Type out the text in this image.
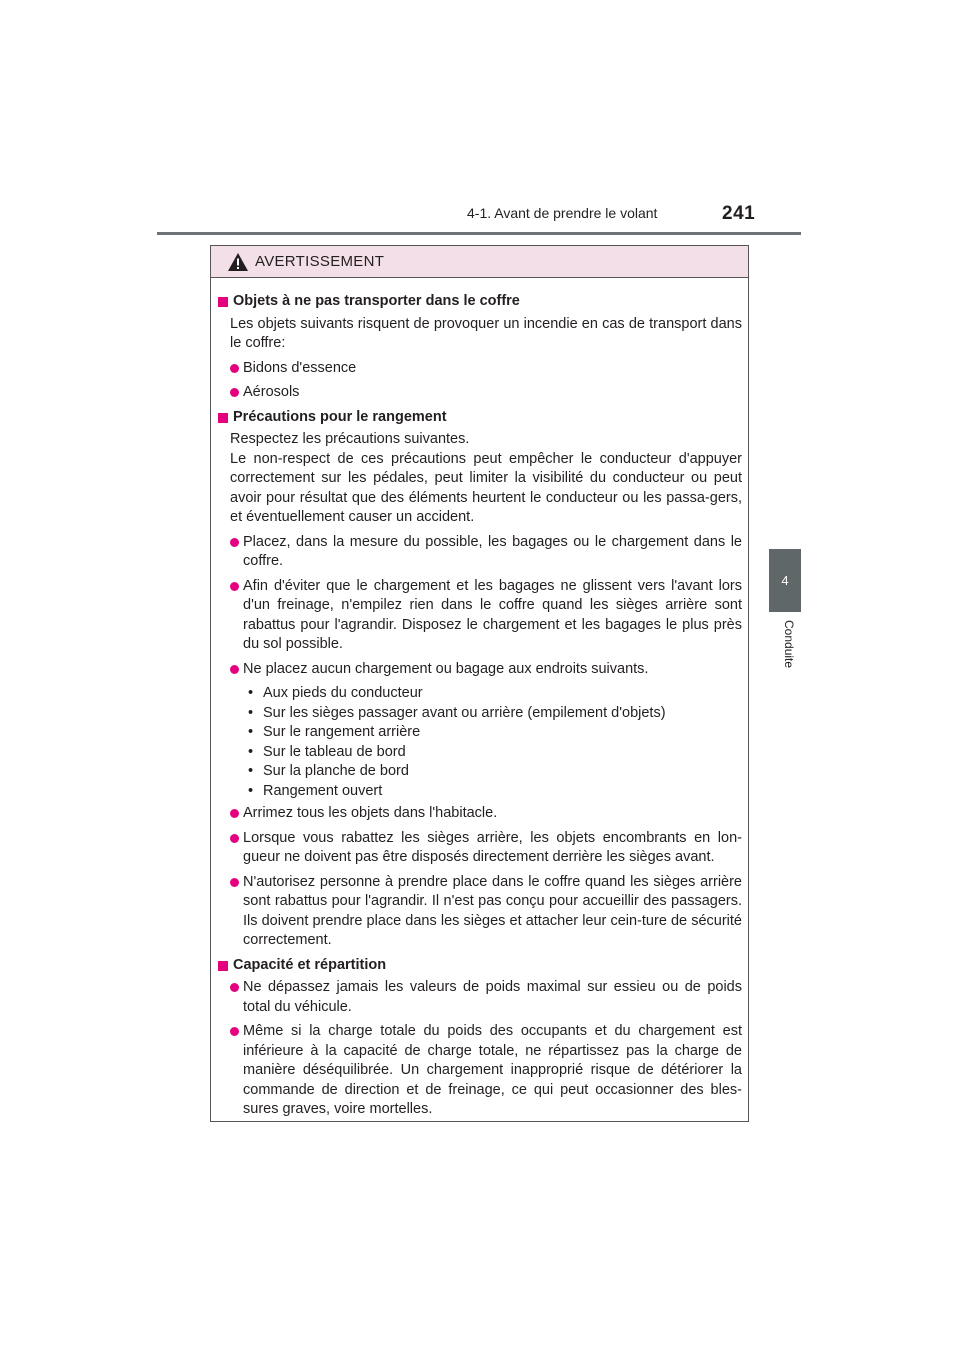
4-1. Avant de prendre le volant	241
4
Conduite
AVERTISSEMENT
Objets à ne pas transporter dans le coffre
Les objets suivants risquent de provoquer un incendie en cas de transport dans le coffre:
Bidons d'essence
Aérosols
Précautions pour le rangement
Respectez les précautions suivantes.
Le non-respect de ces précautions peut empêcher le conducteur d'appuyer correctement sur les pédales, peut limiter la visibilité du conducteur ou peut avoir pour résultat que des éléments heurtent le conducteur ou les passa-gers, et éventuellement causer un accident.
Placez, dans la mesure du possible, les bagages ou le chargement dans le coffre.
Afin d'éviter que le chargement et les bagages ne glissent vers l'avant lors d'un freinage, n'empilez rien dans le coffre quand les sièges arrière sont rabattus pour l'agrandir. Disposez le chargement et les bagages le plus près du sol possible.
Ne placez aucun chargement ou bagage aux endroits suivants.
• Aux pieds du conducteur
• Sur les sièges passager avant ou arrière (empilement d'objets)
• Sur le rangement arrière
• Sur le tableau de bord
• Sur la planche de bord
• Rangement ouvert
Arrimez tous les objets dans l'habitacle.
Lorsque vous rabattez les sièges arrière, les objets encombrants en lon-gueur ne doivent pas être disposés directement derrière les sièges avant.
N'autorisez personne à prendre place dans le coffre quand les sièges arrière sont rabattus pour l'agrandir. Il n'est pas conçu pour accueillir des passagers. Ils doivent prendre place dans les sièges et attacher leur cein-ture de sécurité correctement.
Capacité et répartition
Ne dépassez jamais les valeurs de poids maximal sur essieu ou de poids total du véhicule.
Même si la charge totale du poids des occupants et du chargement est inférieure à la capacité de charge totale, ne répartissez pas la charge de manière déséquilibrée. Un chargement inapproprié risque de détériorer la commande de direction et de freinage, ce qui peut occasionner des bles-sures graves, voire mortelles.
